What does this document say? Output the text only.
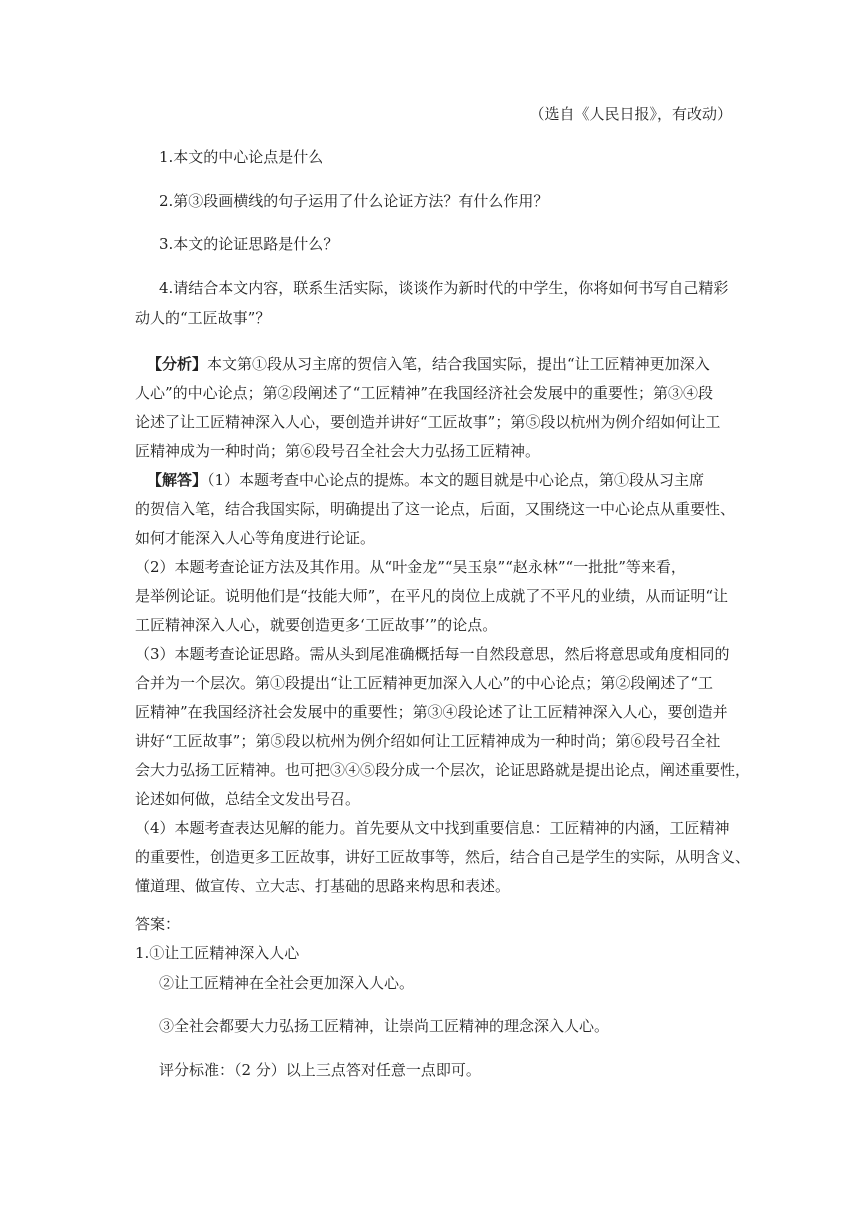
（选自《人民日报》，有改动）
1.本文的中心论点是什么
2.第③段画横线的句子运用了什么论证方法？有什么作用？
3.本文的论证思路是什么？
4.请结合本文内容，联系生活实际，谈谈作为新时代的中学生，你将如何书写自己精彩
动人的“工匠故事”？

【分析】本文第①段从习主席的贺信入笔，结合我国实际，提出“让工匠精神更加深入

人心”的中心论点；第②段阐述了“工匠精神”在我国经济社会发展中的重要性；第③④段

论述了让工匠精神深入人心，要创造并讲好“工匠故事”；第⑤段以杭州为例介绍如何让工

匠精神成为一种时尚；第⑥段号召全社会大力弘扬工匠精神。

【解答】（1）本题考查中心论点的提炼。本文的题目就是中心论点，第①段从习主席

的贺信入笔，结合我国实际，明确提出了这一论点，后面，又围绕这一中心论点从重要性、

如何才能深入人心等角度进行论证。

（2）本题考查论证方法及其作用。从“叶金龙”“吴玉泉”“赵永林”“一批批”等来看，

是举例论证。说明他们是“技能大师”，在平凡的岗位上成就了不平凡的业绩，从而证明“让

工匠精神深入人心，就要创造更多‘工匠故事’”的论点。

（3）本题考查论证思路。需从头到尾准确概括每一自然段意思，然后将意思或角度相同的

合并为一个层次。第①段提出“让工匠精神更加深入人心”的中心论点；第②段阐述了“工

匠精神”在我国经济社会发展中的重要性；第③④段论述了让工匠精神深入人心，要创造并

讲好“工匠故事”；第⑤段以杭州为例介绍如何让工匠精神成为一种时尚；第⑥段号召全社

会大力弘扬工匠精神。也可把③④⑤段分成一个层次，论证思路就是提出论点，阐述重要性，

论述如何做，总结全文发出号召。

（4）本题考查表达见解的能力。首先要从文中找到重要信息：工匠精神的内涵，工匠精神

的重要性，创造更多工匠故事，讲好工匠故事等，然后，结合自己是学生的实际，从明含义、

懂道理、做宣传、立大志、打基础的思路来构思和表述。

答案：
1.①让工匠精神深入人心
②让工匠精神在全社会更加深入人心。
③全社会都要大力弘扬工匠精神，让崇尚工匠精神的理念深入人心。
评分标准：（2 分）以上三点答对任意一点即可。
